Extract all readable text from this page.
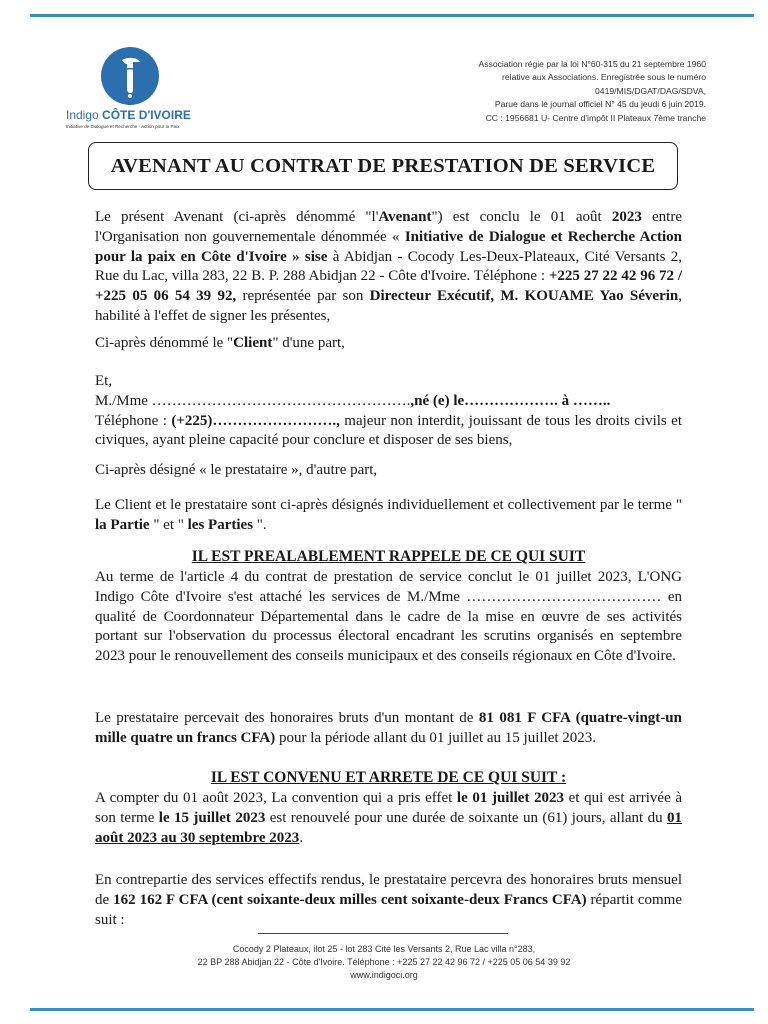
Indigo CÔTE D'IVOIRE
Initiative de Dialogue et Recherche - Action pour la Paix
Association régie par la loi N°60-315 du 21 septembre 1960
relative aux Associations. Enregistrée sous le numéro
0419/MIS/DGAT/DAG/SDVA,
Parue dans le journal officiel N° 45 du jeudi 6 juin 2019.
CC : 1956681 U- Centre d'impôt II Plateaux 7ème tranche
AVENANT AU CONTRAT DE PRESTATION DE SERVICE

Le présent Avenant (ci-après dénommé "l'Avenant") est conclu le 01 août 2023 entre l'Organisation non gouvernementale dénommée « Initiative de Dialogue et Recherche Action pour la paix en Côte d'Ivoire » sise à Abidjan - Cocody Les-Deux-Plateaux, Cité Versants 2, Rue du Lac, villa 283, 22 B. P. 288 Abidjan 22 - Côte d'Ivoire. Téléphone : +225 27 22 42 96 72 / +225 05 06 54 39 92, représentée par son Directeur Exécutif, M. KOUAME Yao Séverin, habilité à l'effet de signer les présentes,

Ci-après dénommé le "Client" d'une part,

Et,

M./Mme …………………………………………….,né (e) le………………. à ……..

Téléphone : (+225)……………………., majeur non interdit, jouissant de tous les droits civils et civiques, ayant pleine capacité pour conclure et disposer de ses biens,

Ci-après désigné « le prestataire », d'autre part,

Le Client et le prestataire sont ci-après désignés individuellement et collectivement par le terme " la Partie " et " les Parties ".

IL EST PREALABLEMENT RAPPELE DE CE QUI SUIT
Au terme de l'article 4 du contrat de prestation de service conclut le 01 juillet 2023, L'ONG Indigo Côte d'Ivoire s'est attaché les services de M./Mme ………………………………… en qualité de Coordonnateur Départemental dans le cadre de la mise en œuvre de ses activités portant sur l'observation du processus électoral encadrant les scrutins organisés en septembre 2023 pour le renouvellement des conseils municipaux et des conseils régionaux en Côte d'Ivoire.

Le prestataire percevait des honoraires bruts d'un montant de 81 081 F CFA (quatre-vingt-un mille quatre un francs CFA) pour la période allant du 01 juillet au 15 juillet 2023.

IL EST CONVENU ET ARRETE DE CE QUI SUIT :

A compter du 01 août 2023, La convention qui a pris effet le 01 juillet 2023 et qui est arrivée à son terme le 15 juillet 2023 est renouvelé pour une durée de soixante un (61) jours, allant du 01 août 2023 au 30 septembre 2023.

En contrepartie des services effectifs rendus, le prestataire percevra des honoraires bruts mensuel de 162 162 F CFA (cent soixante-deux milles cent soixante-deux Francs CFA) répartit comme suit :

Cocody 2 Plateaux, ilot 25 - lot 283 Cité les Versants 2, Rue Lac villa n°283,
22 BP 288 Abidjan 22 - Côte d'Ivoire. Téléphone : +225 27 22 42 96 72 / +225 05 06 54 39 92
www.indigoci.org
